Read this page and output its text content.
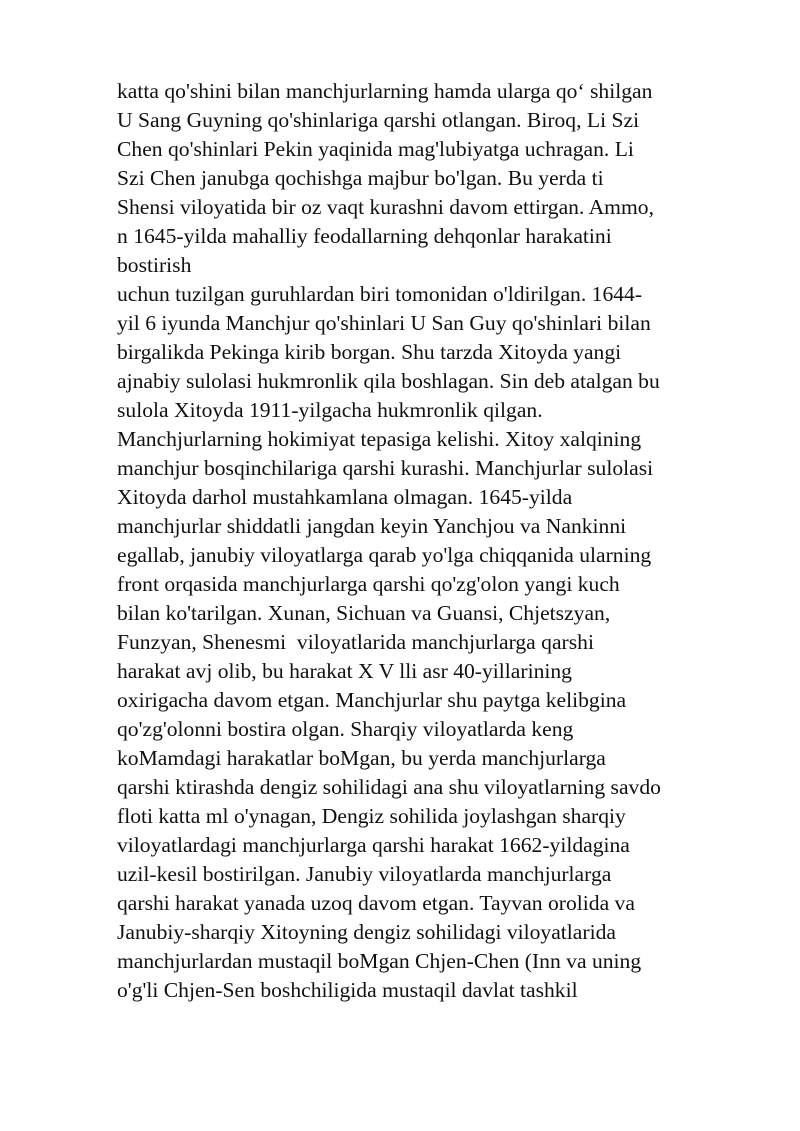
katta qo'shini bilan manchjurlarning hamda ularga qo‘ shilgan
U Sang Guyning qo'shinlariga qarshi otlangan. Biroq, Li Szi
Chen qo'shinlari Pekin yaqinida mag'lubiyatga uchragan. Li
Szi Chen janubga qochishga majbur bo'lgan. Bu yerda ti
Shensi viloyatida bir oz vaqt kurashni davom ettirgan. Ammo,
n 1645-yilda mahalliy feodallarning dehqonlar harakatini
bostirish
uchun tuzilgan guruhlardan biri tomonidan o'ldirilgan. 1644-
yil 6 iyunda Manchjur qo'shinlari U San Guy qo'shinlari bilan
birgalikda Pekinga kirib borgan. Shu tarzda Xitoyda yangi
ajnabiy sulolasi hukmronlik qila boshlagan. Sin deb atalgan bu
sulola Xitoyda 1911-yilgacha hukmronlik qilgan.
Manchjurlarning hokimiyat tepasiga kelishi. Xitoy xalqining
manchjur bosqinchilariga qarshi kurashi. Manchjurlar sulolasi
Xitoyda darhol mustahkamlana olmagan. 1645-yilda
manchjurlar shiddatli jangdan keyin Yanchjou va Nankinni
egallab, janubiy viloyatlarga qarab yo'lga chiqqanida ularning
front orqasida manchjurlarga qarshi qo'zg'olon yangi kuch
bilan ko'tarilgan. Xunan, Sichuan va Guansi, Chjetszyan,
Funzyan, Shenesmi  viloyatlarida manchjurlarga qarshi
harakat avj olib, bu harakat X V lli asr 40-yillarining
oxirigacha davom etgan. Manchjurlar shu paytga kelibgina
qo'zg'olonni bostira olgan. Sharqiy viloyatlarda keng
koMamdagi harakatlar boMgan, bu yerda manchjurlarga
qarshi ktirashda dengiz sohilidagi ana shu viloyatlarning savdo
floti katta ml o'ynagan, Dengiz sohilida joylashgan sharqiy
viloyatlardagi manchjurlarga qarshi harakat 1662-yildagina
uzil-kesil bostirilgan. Janubiy viloyatlarda manchjurlarga
qarshi harakat yanada uzoq davom etgan. Tayvan orolida va
Janubiy-sharqiy Xitoyning dengiz sohilidagi viloyatlarida
manchjurlardan mustaqil boMgan Chjen-Chen (Inn va uning
o'g'li Chjen-Sen boshchiligida mustaqil davlat tashkil
